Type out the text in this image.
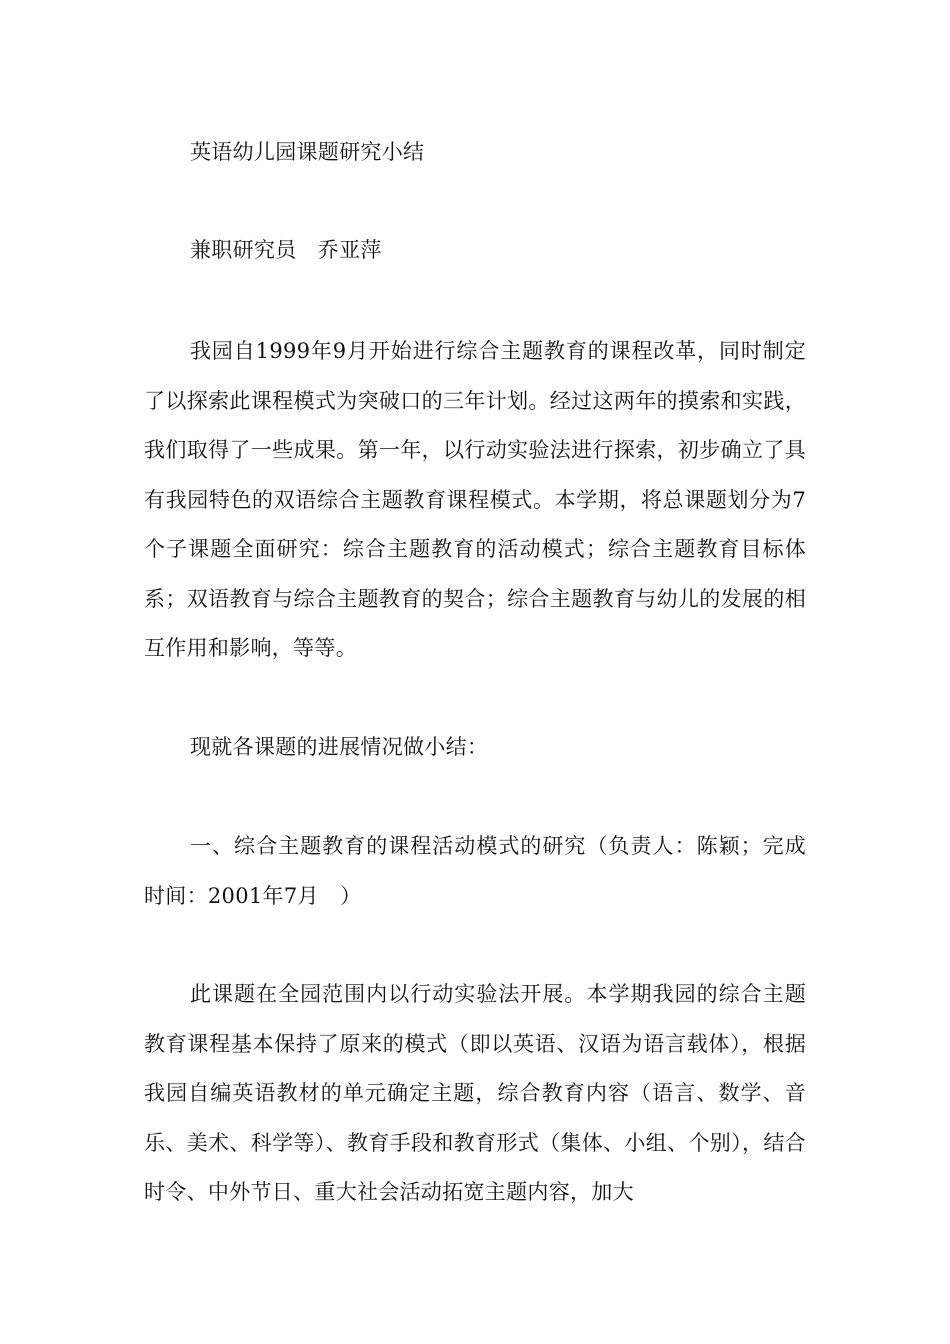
英语幼儿园课题研究小结

兼职研究员　乔亚萍

我园自1999年9月开始进行综合主题教育的课程改革，同时制定了以探索此课程模式为突破口的三年计划。经过这两年的摸索和实践，我们取得了一些成果。第一年，以行动实验法进行探索，初步确立了具有我园特色的双语综合主题教育课程模式。本学期，将总课题划分为7个子课题全面研究：综合主题教育的活动模式；综合主题教育目标体系；双语教育与综合主题教育的契合；综合主题教育与幼儿的发展的相互作用和影响，等等。

现就各课题的进展情况做小结：

一、综合主题教育的课程活动模式的研究（负责人：陈颖；完成时间：2001年7月　）

此课题在全园范围内以行动实验法开展。本学期我园的综合主题教育课程基本保持了原来的模式（即以英语、汉语为语言载体），根据我园自编英语教材的单元确定主题，综合教育内容（语言、数学、音乐、美术、科学等）、教育手段和教育形式（集体、小组、个别），结合时令、中外节日、重大社会活动拓宽主题内容，加大
